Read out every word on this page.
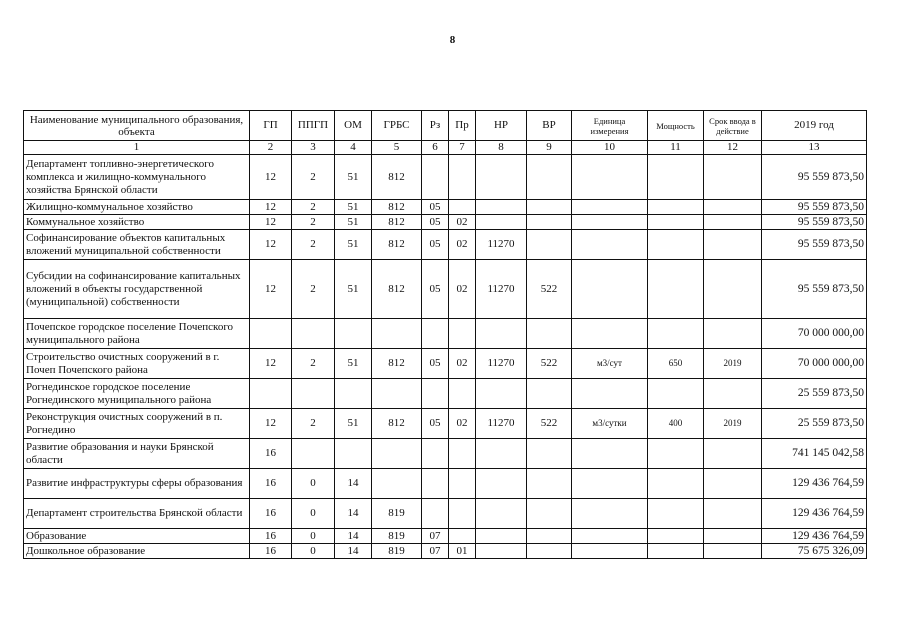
8
Наименование муниципального образования, объекта	ГП	ППГП	ОМ	ГРБС	Рз	Пр	НР	ВР	Единица измерения	Мощность	Срок ввода в действие	2019 год
1	2	3	4	5	6	7	8	9	10	11	12	13
Департамент топливно-энергетического комплекса и жилищно-коммунального хозяйства Брянской области	12	2	51	812								95 559 873,50
Жилищно-коммунальное хозяйство	12	2	51	812	05							95 559 873,50
Коммунальное хозяйство	12	2	51	812	05	02						95 559 873,50
Софинансирование объектов капитальных вложений муниципальной собственности	12	2	51	812	05	02	11270					95 559 873,50
Субсидии на софинансирование капитальных вложений в объекты государственной (муниципальной) собственности	12	2	51	812	05	02	11270	522				95 559 873,50
Почепское городское поселение Почепского муниципального района												70 000 000,00
Строительство очистных сооружений в г. Почеп Почепского района	12	2	51	812	05	02	11270	522	м3/сут	650	2019	70 000 000,00
Рогнединское городское поселение Рогнединского муниципального района												25 559 873,50
Реконструкция очистных сооружений в п. Рогнедино	12	2	51	812	05	02	11270	522	м3/сутки	400	2019	25 559 873,50
Развитие образования и науки Брянской области	16											741 145 042,58
Развитие инфраструктуры сферы образования	16	0	14									129 436 764,59
Департамент строительства Брянской области	16	0	14	819								129 436 764,59
Образование	16	0	14	819	07							129 436 764,59
Дошкольное образование	16	0	14	819	07	01						75 675 326,09
